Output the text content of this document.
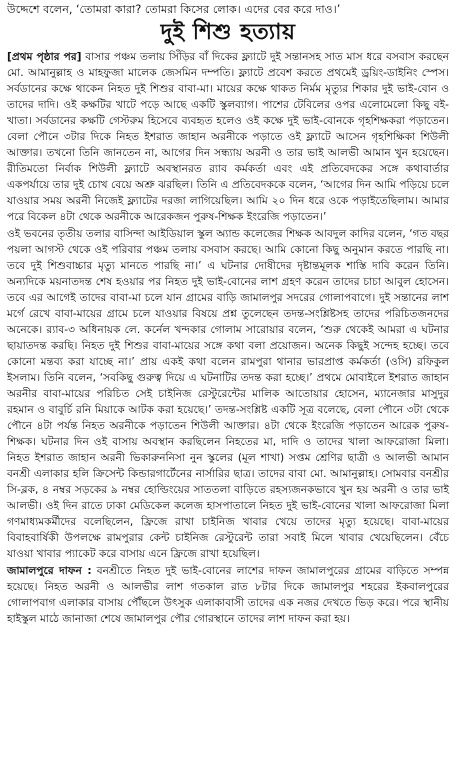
উদ্দেশে বলেন, ‘তোমরা কারা? তোমরা কিসের লোক। এদের বের করে দাও।’
দুই শিশু হত্যায়

[প্রথম পৃষ্ঠার পর] বাসার পঞ্চম তলায় সিঁড়ির বাঁ দিকের ফ্ল্যাটে দুই সন্তানসহ সাত মাস ধরে বসবাস করছেন মো. আমানুল্লাহ ও মাহফুজা মালেক জেসমিন দম্পতি। ফ্ল্যাটে প্রবেশ করতে প্রথমেই ড্রয়িং-ডাইনিং স্পেস। সর্বডানের কক্ষে থাকেন নিহত দুই শিশুর বাবা-মা। মায়ের কক্ষে থাকত নির্মম মৃত্যুর শিকার দুই ভাই-বোন ও তাদের দাদি। ওই কক্ষটির খাটে পড়ে আছে একটি স্কুলব্যাগ। পাশের টেবিলের ওপর এলোমেলো কিছু বই-খাতা। সর্বডানের কক্ষটি গেস্টরুম হিসেবে ব্যবহৃত হলেও ওই কক্ষে দুই ভাই-বোনকে গৃহশিক্ষকরা পড়াতেন। বেলা পৌনে ৩টার দিকে নিহত ইশরাত জাহান অরনীকে পড়াতে ওই ফ্ল্যাটে আসেন গৃহশিক্ষিকা শিউলী আক্তার। তখনো তিনি জানতেন না, আগের দিন সন্ধ্যায় অরনী ও তার ভাই আলভী আমান খুন হয়েছেন। রীতিমতো নির্বাক শিউলী ফ্ল্যাটে অবস্থানরত র‍্যাব কর্মকর্তা এবং এই প্রতিবেদকের সঙ্গে কথাবার্তার একপর্যায়ে তার দুই চোখ বেয়ে অশ্রু ঝরছিল। তিনি এ প্রতিবেদককে বলেন, ‘আগের দিন আমি পড়িয়ে চলে যাওয়ার সময় অরনী নিজেই ফ্ল্যাটের দরজা লাগিয়েছিল। আমি ২০ দিন ধরে ওকে পড়াইতেছিলাম। আমার পরে বিকেল ৪টা থেকে অরনীকে আরেকজন পুরুষ-শিক্ষক ইংরেজি পড়াতেন।’

ওই ভবনের তৃতীয় তলার বাসিন্দা আইডিয়াল স্কুল অ্যান্ড কলেজের শিক্ষক আবদুল কাদির বলেন, ‘গত বছর পয়লা আগস্ট থেকে ওই পরিবার পঞ্চম তলায় বসবাস করছে। আমি কোনো কিছু অনুমান করতে পারছি না। তবে দুই শিশুবাচ্চার মৃত্যু মানতে পারছি না।’ এ ঘটনার দোষীদের দৃষ্টান্তমূলক শাস্তি দাবি করেন তিনি। অন্যদিকে ময়নাতদন্ত শেষ হওয়ার পর নিহত দুই ভাই-বোনের লাশ গ্রহণ করেন তাদের চাচা আবুল হোসেন। তবে এর আগেই তাদের বাবা-মা চলে যান গ্রামের বাড়ি জামালপুর সদরের গোলাপবাগে। দুই সন্তানের লাশ মর্গে রেখে বাবা-মায়ের গ্রামে চলে যাওয়ার বিষয়ে প্রশ্ন তুলেছেন তদন্ত-সংশ্লিষ্টসহ তাদের পরিচিতজনদের অনেকে। র‍্যাব-৩ অধিনায়ক লে. কর্নেল খন্দকার গোলাম সারোয়ার বলেন, ‘শুরু থেকেই আমরা এ ঘটনার ছায়াতদন্ত করছি। নিহত দুই শিশুর বাবা-মায়ের সঙ্গে কথা বলা প্রয়োজন। অনেক কিছুই সন্দেহ হচ্ছে। তবে কোনো মন্তব্য করা যাচ্ছে না।’ প্রায় একই কথা বলেন রামপুরা থানার ভারপ্রাপ্ত কর্মকর্তা (ওসি) রফিকুল ইসলাম। তিনি বলেন, ‘সবকিছু গুরুত্ব দিয়ে এ ঘটনাটির তদন্ত করা হচ্ছে।’ প্রথমে মোবাইলে ইশরাত জাহান অরনীর বাবা-মায়ের পরিচিত সেই চাইনিজ রেস্টুরেন্টের মালিক আতোয়ার হোসেন, ম্যানেজার মাসুদুর রহমান ও বাবুর্চি রনি মিয়াকে আটক করা হয়েছে।’ তদন্ত-সংশ্লিষ্ট একটি সূত্র বলেছে, বেলা পৌনে ৩টা থেকে পৌনে ৪টা পর্যন্ত নিহত অরনীকে পড়াতেন শিউলী আক্তার। ৪টা থেকে ইংরেজি পড়াতেন আরেক পুরুষ-শিক্ষক। ঘটনার দিন ওই বাসায় অবস্থান করছিলেন নিহতের মা, দাদি ও তাদের খালা আফরোজা মিলা। নিহত ইশরাত জাহান অরনী ভিকারুননিসা নুন স্কুলের (মূল শাখা) সপ্তম শ্রেণির ছাত্রী ও আলভী আমান বনশ্রী এলাকার হলি ক্রিসেন্ট কিন্ডারগার্টেনের নার্সারির ছাত্র। তাদের বাবা মো. আমানুল্লাহ। সোমবার বনশ্রীর সি-ব্লক, ৪ নম্বর সড়কের ৯ নম্বর হোল্ডিংয়ের সাততলা বাড়িতে রহস্যজনকভাবে খুন হয় অরনী ও তার ভাই আলভী। ওই দিন রাতে ঢাকা মেডিকেল কলেজ হাসপাতালে নিহত দুই ভাই-বোনের খালা আফরোজা মিলা গণমাধ্যমকর্মীদের বলেছিলেন, ফ্রিজে রাখা চাইনিজ খাবার খেয়ে তাদের মৃত্যু হয়েছে। বাবা-মায়ের বিবাহবার্ষিকী উপলক্ষে রামপুরার কেন্ট চাইনিজ রেস্টুরেন্ট তারা সবাই মিলে খাবার খেয়েছিলেন। বেঁচে যাওয়া খাবার প্যাকেট করে বাসায় এনে ফ্রিজে রাখা হয়েছিল।

জামালপুরে দাফন : বনশ্রীতে নিহত দুই ভাই-বোনের লাশের দাফন জামালপুরের গ্রামের বাড়িতে সম্পন্ন হয়েছে। নিহত অরনী ও আলভীর লাশ গতকাল রাত ৮টার দিকে জামালপুর শহরের ইকবালপুরের গোলাপবাগ এলাকার বাসায় পৌঁছলে উৎসুক এলাকাবাসী তাদের এক নজর দেখতে ভিড় করে। পরে স্থানীয় হাইস্কুল মাঠে জানাজা শেষে জামালপুর পৌর গোরস্থানে তাদের লাশ দাফন করা হয়।
